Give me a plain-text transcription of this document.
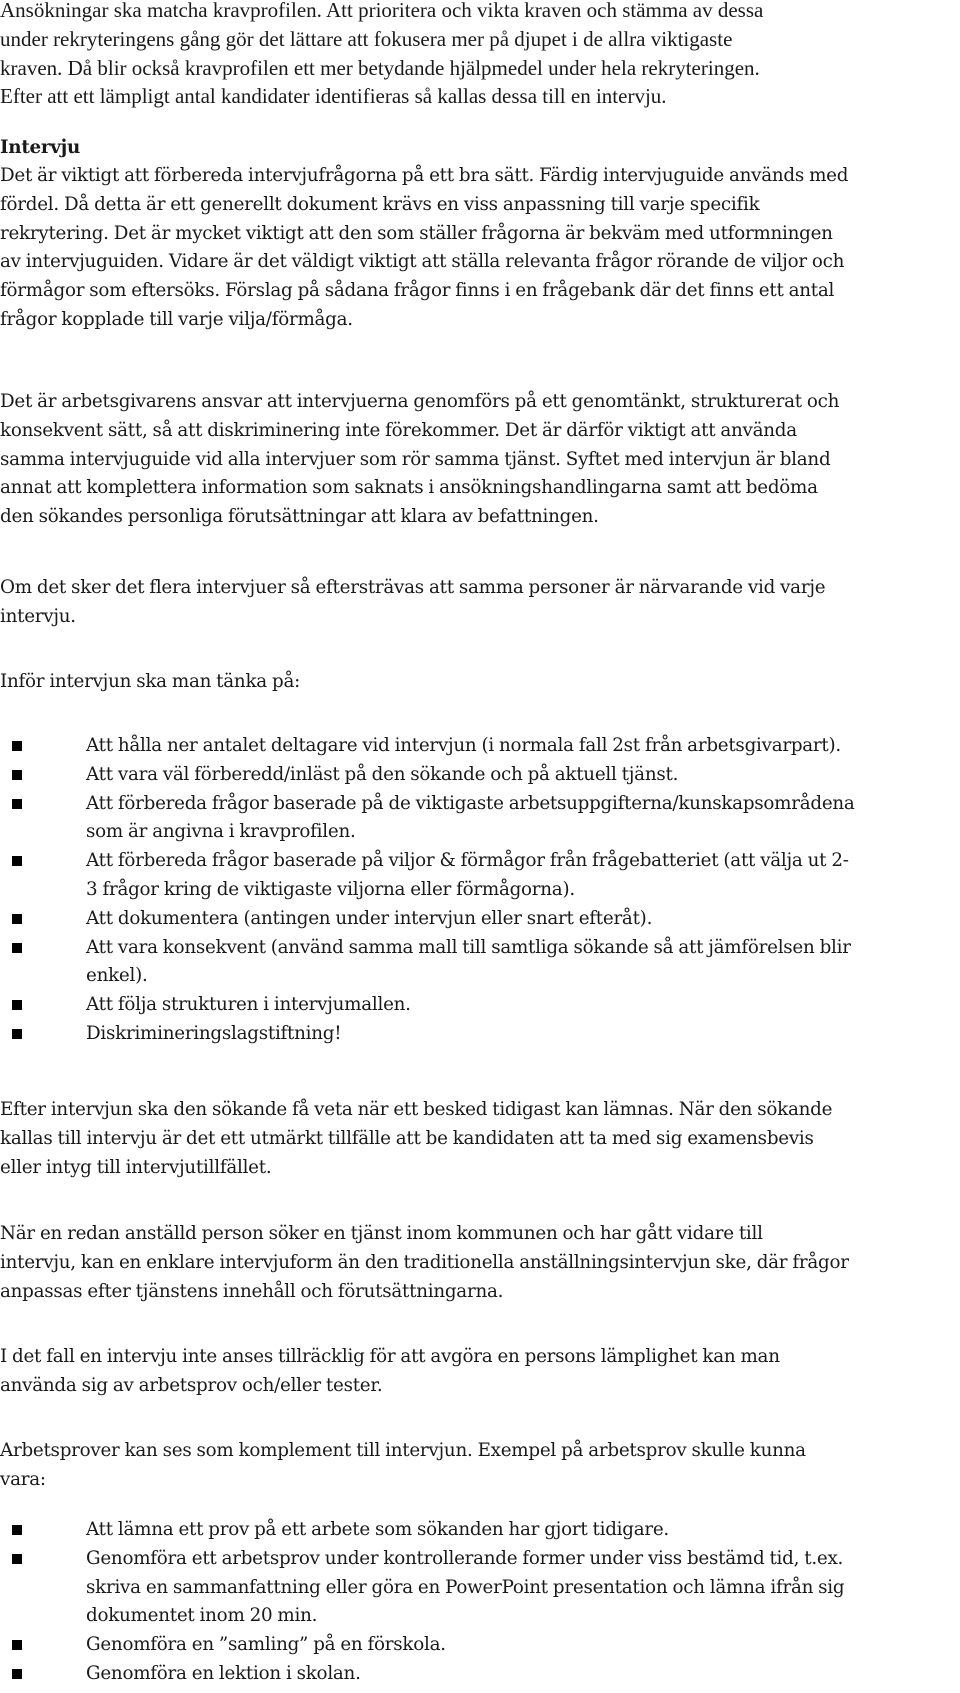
Ansökningar ska matcha kravprofilen. Att prioritera och vikta kraven och stämma av dessa
under rekryteringens gång gör det lättare att fokusera mer på djupet i de allra viktigaste
kraven. Då blir också kravprofilen ett mer betydande hjälpmedel under hela rekryteringen.
Efter att ett lämpligt antal kandidater identifieras så kallas dessa till en intervju.

Intervju

Det är viktigt att förbereda intervjufrågorna på ett bra sätt. Färdig intervjuguide används med
fördel. Då detta är ett generellt dokument krävs en viss anpassning till varje specifik
rekrytering. Det är mycket viktigt att den som ställer frågorna är bekväm med utformningen
av intervjuguiden. Vidare är det väldigt viktigt att ställa relevanta frågor rörande de viljor och
förmågor som eftersöks. Förslag på sådana frågor finns i en frågebank där det finns ett antal
frågor kopplade till varje vilja/förmåga.

Det är arbetsgivarens ansvar att intervjuerna genomförs på ett genomtänkt, strukturerat och
konsekvent sätt, så att diskriminering inte förekommer. Det är därför viktigt att använda
samma intervjuguide vid alla intervjuer som rör samma tjänst. Syftet med intervjun är bland
annat att komplettera information som saknats i ansökningshandlingarna samt att bedöma
den sökandes personliga förutsättningar att klara av befattningen.

Om det sker det flera intervjuer så eftersträvas att samma personer är närvarande vid varje
intervju.

Inför intervjun ska man tänka på:

Att hålla ner antalet deltagare vid intervjun (i normala fall 2st från arbetsgivarpart).
Att vara väl förberedd/inläst på den sökande och på aktuell tjänst.
Att förbereda frågor baserade på de viktigaste arbetsuppgifterna/kunskapsområdena
som är angivna i kravprofilen.
Att förbereda frågor baserade på viljor & förmågor från frågebatteriet (att välja ut 2-
3 frågor kring de viktigaste viljorna eller förmågorna).
Att dokumentera (antingen under intervjun eller snart efteråt).
Att vara konsekvent (använd samma mall till samtliga sökande så att jämförelsen blir
enkel).
Att följa strukturen i intervjumallen.
Diskrimineringslagstiftning!

Efter intervjun ska den sökande få veta när ett besked tidigast kan lämnas. När den sökande
kallas till intervju är det ett utmärkt tillfälle att be kandidaten att ta med sig examensbevis
eller intyg till intervjutillfället.

När en redan anställd person söker en tjänst inom kommunen och har gått vidare till
intervju, kan en enklare intervjuform än den traditionella anställningsintervjun ske, där frågor
anpassas efter tjänstens innehåll och förutsättningarna.

I det fall en intervju inte anses tillräcklig för att avgöra en persons lämplighet kan man
använda sig av arbetsprov och/eller tester.

Arbetsprover kan ses som komplement till intervjun. Exempel på arbetsprov skulle kunna
vara:

Att lämna ett prov på ett arbete som sökanden har gjort tidigare.
Genomföra ett arbetsprov under kontrollerande former under viss bestämd tid, t.ex.
skriva en sammanfattning eller göra en PowerPoint presentation och lämna ifrån sig
dokumentet inom 20 min.
Genomföra en ”samling” på en förskola.
Genomföra en lektion i skolan.
